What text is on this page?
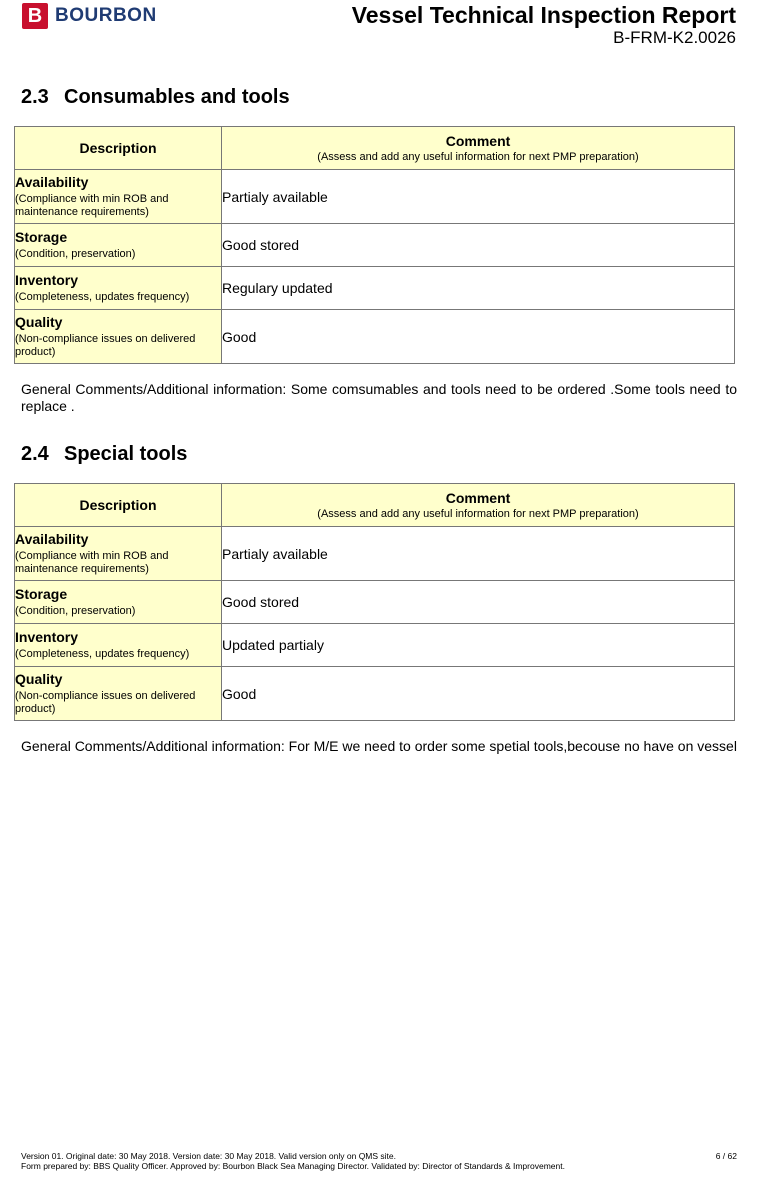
B BOURBON	Vessel Technical Inspection Report
B-FRM-K2.0026
2.3 Consumables and tools
Description	Comment
(Assess and add any useful information for next PMP preparation)

Availability
(Compliance with min ROB and maintenance requirements)	Partialy available

Storage
(Condition, preservation)	Good stored

Inventory
(Completeness, updates frequency)	Regulary updated

Quality
(Non-compliance issues on delivered product)	Good
General Comments/Additional information: Some comsumables and tools need to be ordered .Some tools need to replace .
2.4 Special tools
Description	Comment
(Assess and add any useful information for next PMP preparation)

Availability
(Compliance with min ROB and maintenance requirements)	Partialy available

Storage
(Condition, preservation)	Good stored

Inventory
(Completeness, updates frequency)	Updated partialy

Quality
(Non-compliance issues on delivered product)	Good
General Comments/Additional information: For M/E we need to order some spetial tools,becouse no have on vessel
Version 01. Original date: 30 May 2018. Version date: 30 May 2018. Valid version only on QMS site.
Form prepared by: BBS Quality Officer. Approved by: Bourbon Black Sea Managing Director. Validated by: Director of Standards & Improvement.
6 / 62
